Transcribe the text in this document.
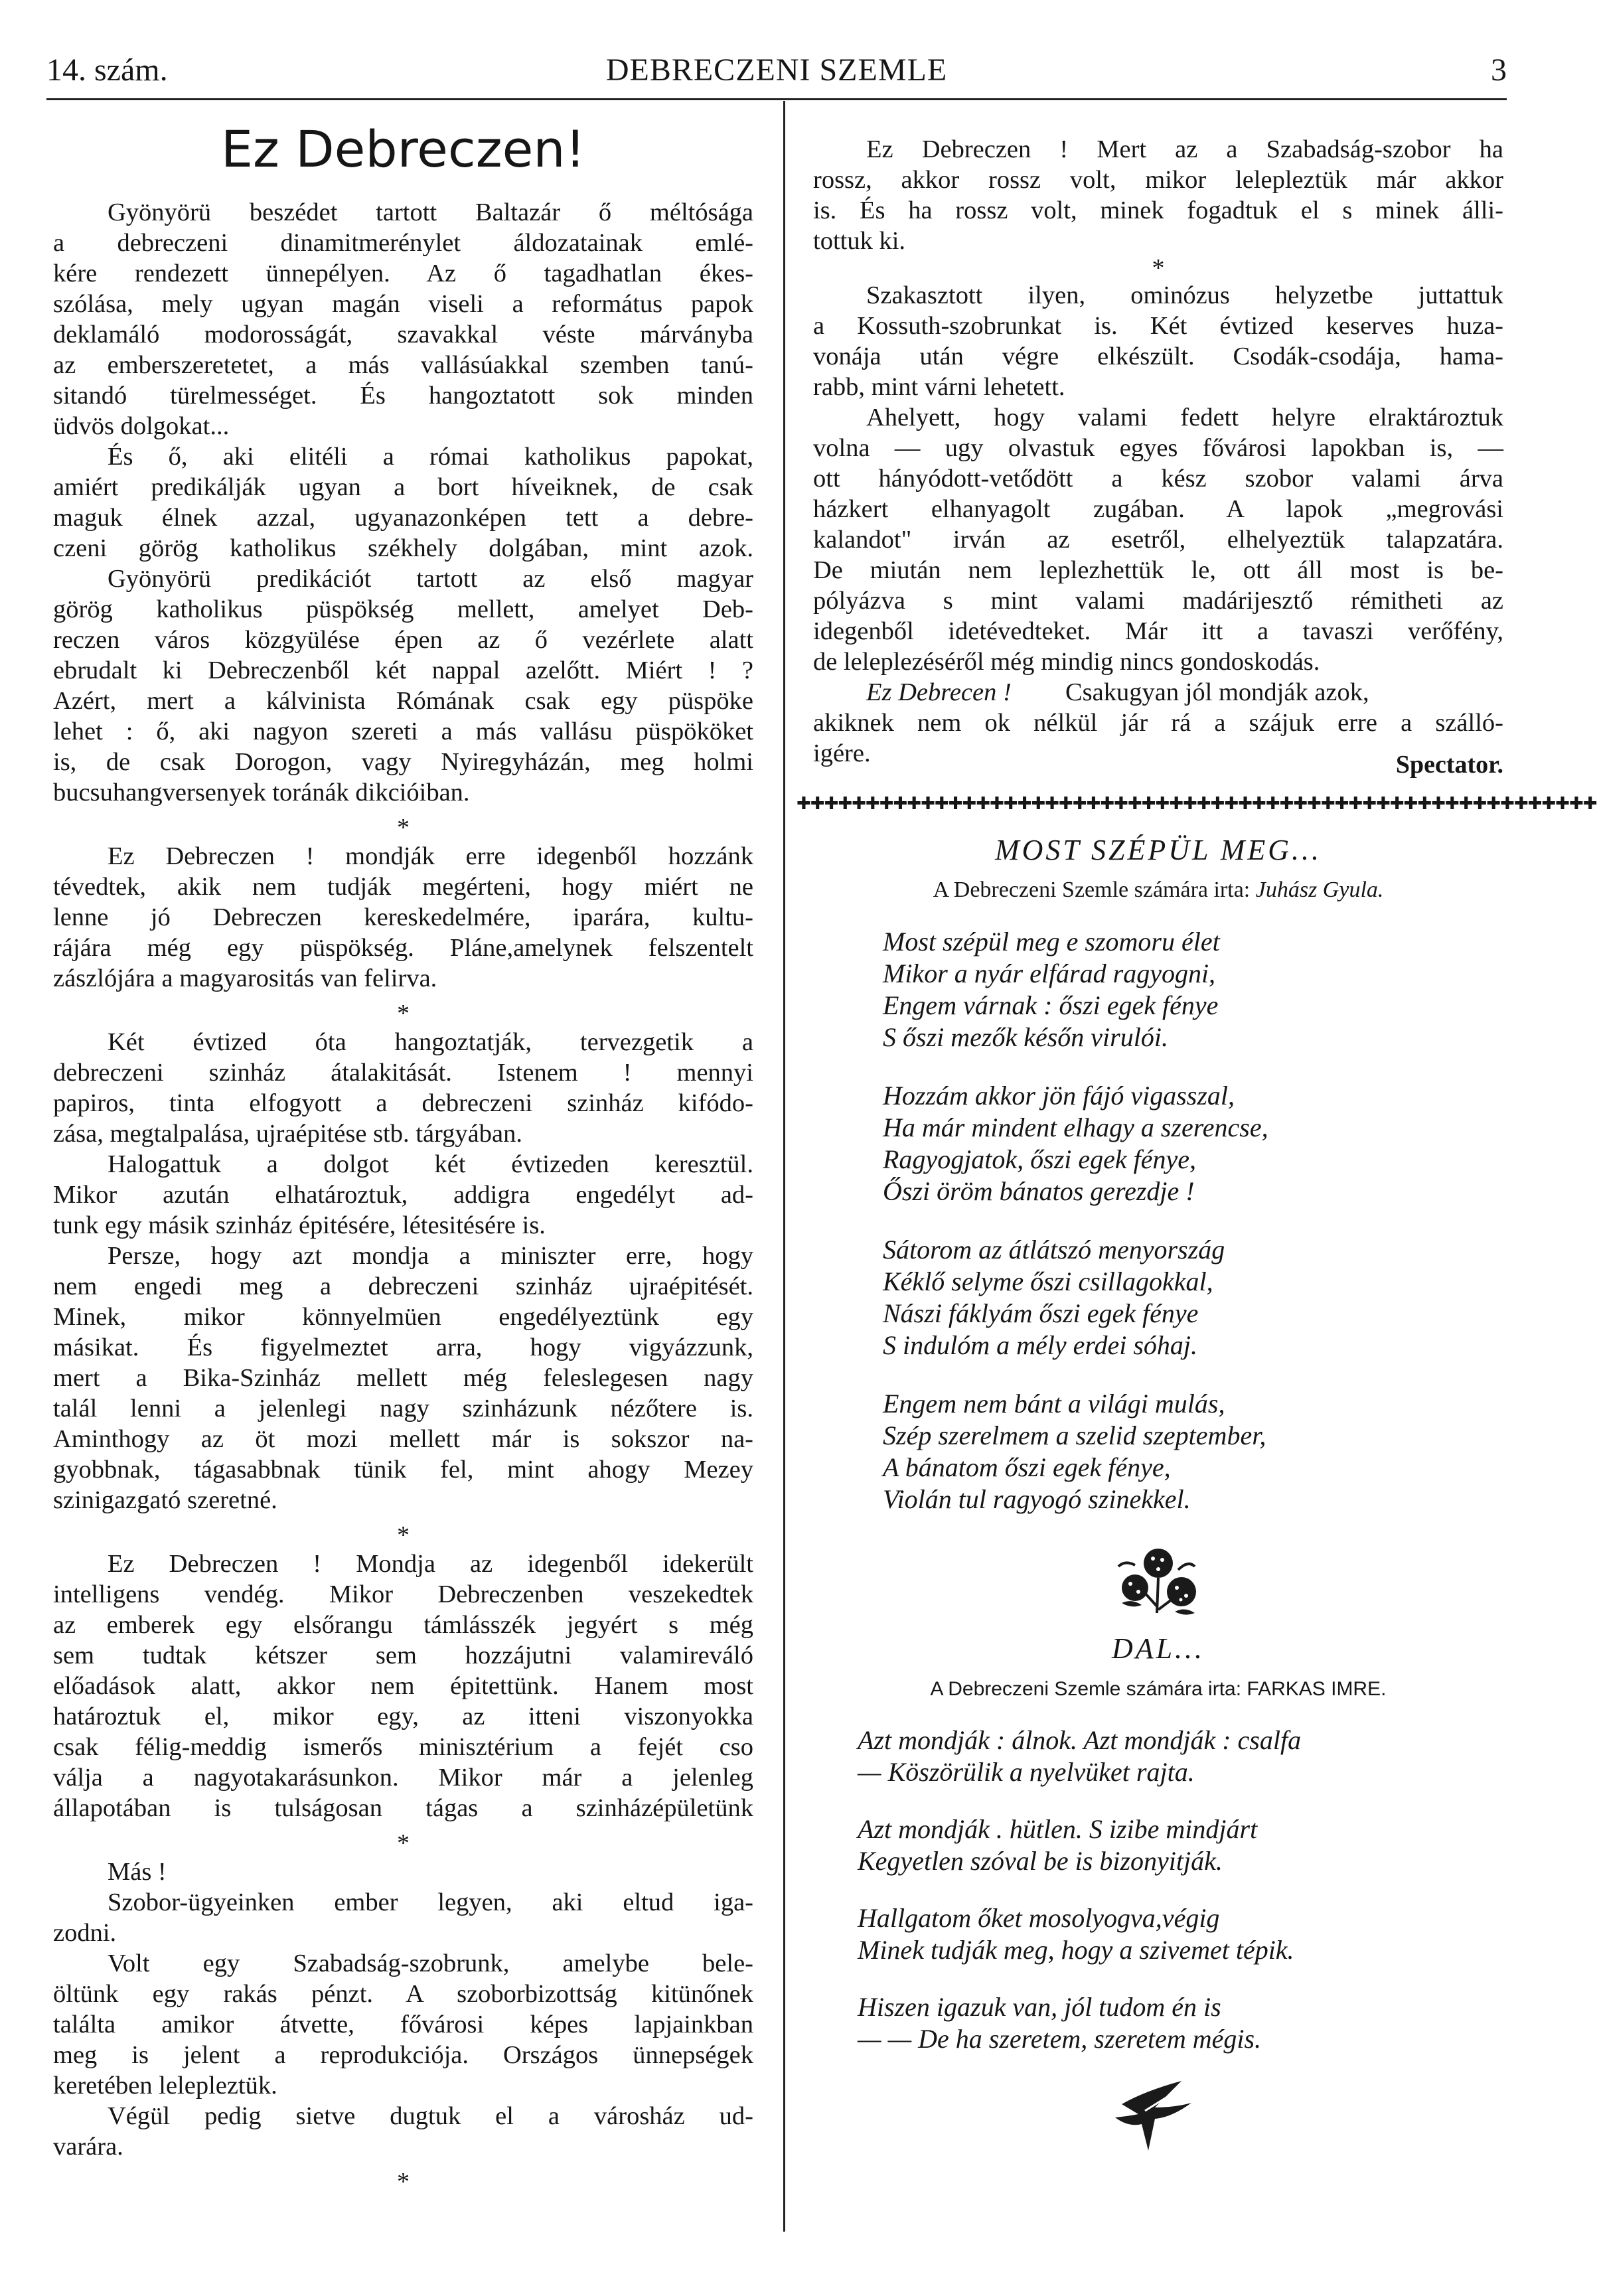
14. szám.	DEBRECZENI SZEMLE	3
Ez Debreczen!
Gyönyörü beszédet tartott Baltazár ő méltósága
a debreczeni dinamitmerénylet áldozatainak emlé-
kére rendezett ünnepélyen. Az ő tagadhatlan ékes-
szólása, mely ugyan magán viseli a református papok
deklamáló modorosságát, szavakkal véste márványba
az emberszeretetet, a más vallásúakkal szemben tanú-
sitandó türelmességet. És hangoztatott sok minden
üdvös dolgokat...
És ő, aki elitéli a római katholikus papokat,
amiért predikálják ugyan a bort híveiknek, de csak
maguk élnek azzal, ugyanazonképen tett a debre-
czeni görög katholikus székhely dolgában, mint azok.
Gyönyörü predikációt tartott az első magyar
görög katholikus püspökség mellett, amelyet Deb-
reczen város közgyülése épen az ő vezérlete alatt
ebrudalt ki Debreczenből két nappal azelőtt. Miért ! ?
Azért, mert a kálvinista Rómának csak egy püspöke
lehet : ő, aki nagyon szereti a más vallásu püspököket
is, de csak Dorogon, vagy Nyiregyházán, meg holmi
bucsuhangversenyek toránák dikcióiban.
*
Ez Debreczen ! mondják erre idegenből hozzánk
tévedtek, akik nem tudják megérteni, hogy miért ne
lenne jó Debreczen kereskedelmére, iparára, kultu-
rájára még egy püspökség. Pláne,amelynek felszentelt
zászlójára a magyarositás van felirva.
*
Két évtized óta hangoztatják, tervezgetik a
debreczeni szinház átalakitását. Istenem ! mennyi
papiros, tinta elfogyott a debreczeni szinház kifódo-
zása, megtalpalása, ujraépitése stb. tárgyában.
Halogattuk a dolgot két évtizeden keresztül.
Mikor azután elhatároztuk, addigra engedélyt ad-
tunk egy másik szinház épitésére, létesitésére is.
Persze, hogy azt mondja a miniszter erre, hogy
nem engedi meg a debreczeni szinház ujraépitését.
Minek, mikor könnyelmüen engedélyeztünk egy
másikat. És figyelmeztet arra, hogy vigyázzunk,
mert a Bika-Szinház mellett még feleslegesen nagy
talál lenni a jelenlegi nagy szinházunk nézőtere is.
Aminthogy az öt mozi mellett már is sokszor na-
gyobbnak, tágasabbnak tünik fel, mint ahogy Mezey
szinigazgató szeretné.
*
Ez Debreczen ! Mondja az idegenből idekerült
intelligens vendég. Mikor Debreczenben veszekedtek
az emberek egy elsőrangu támlásszék jegyért s még
sem tudtak kétszer sem hozzájutni valamireváló
előadások alatt, akkor nem épitettünk. Hanem most
határoztuk el, mikor egy, az itteni viszonyokka
csak félig-meddig ismerős minisztérium a fejét cso
válja a nagyotakarásunkon. Mikor már a jelenleg
állapotában is tulságosan tágas a szinházépületünk
*
Más !
Szobor-ügyeinken ember legyen, aki eltud iga-
zodni.
Volt egy Szabadság-szobrunk, amelybe bele-
öltünk egy rakás pénzt. A szoborbizottság kitünőnek
találta amikor átvette, fővárosi képes lapjainkban
meg is jelent a reprodukciója. Országos ünnepségek
keretében lelepleztük.
Végül pedig sietve dugtuk el a városház ud-
varára.
*
Ez Debreczen ! Mert az a Szabadság-szobor ha
rossz, akkor rossz volt, mikor lelepleztük már akkor
is. És ha rossz volt, minek fogadtuk el s minek álli-
tottuk ki.
*
Szakasztott ilyen, ominózus helyzetbe juttattuk
a Kossuth-szobrunkat is. Két évtized keserves huza-
vonája után végre elkészült. Csodák-csodája, hama-
rabb, mint várni lehetett.
Ahelyett, hogy valami fedett helyre elraktároztuk
volna — ugy olvastuk egyes fővárosi lapokban is, —
ott hányódott-vetődött a kész szobor valami árva
házkert elhanyagolt zugában. A lapok „megrovási
kalandot" irván az esetről, elhelyeztük talapzatára.
De miután nem leplezhettük le, ott áll most is be-
pólyázva s mint valami madárijesztő rémitheti az
idegenből idetévedteket. Már itt a tavaszi verőfény,
de leleplezéséről még mindig nincs gondoskodás.
Ez Debrecen ! Csakugyan jól mondják azok,
akiknek nem ok nélkül jár rá a szájuk erre a szálló-
igére.	Spectator.
✚✚✚✚✚✚✚✚✚✚✚✚✚✚✚✚✚✚✚✚✚✚✚✚✚✚✚✚✚✚✚✚✚✚✚✚✚✚✚✚✚✚✚✚✚✚✚✚✚✚✚✚✚✚✚✚✚✚
MOST SZÉPÜL MEG...
A Debreczeni Szemle számára irta: Juhász Gyula.
Most szépül meg e szomoru élet
Mikor a nyár elfárad ragyogni,
Engem várnak : őszi egek fénye
S őszi mezők későn virulói.
Hozzám akkor jön fájó vigasszal,
Ha már mindent elhagy a szerencse,
Ragyogjatok, őszi egek fénye,
Őszi öröm bánatos gerezdje !
Sátorom az átlátszó menyország
Kéklő selyme őszi csillagokkal,
Nászi fáklyám őszi egek fénye
S indulóm a mély erdei sóhaj.
Engem nem bánt a világi mulás,
Szép szerelmem a szelid szeptember,
A bánatom őszi egek fénye,
Violán tul ragyogó szinekkel.
DAL...
A Debreczeni Szemle számára irta: FARKAS IMRE.
Azt mondják : álnok. Azt mondják : csalfa
— Köszörülik a nyelvüket rajta.
Azt mondják . hütlen. S izibe mindjárt
Kegyetlen szóval be is bizonyitják.
Hallgatom őket mosolyogva,végig
Minek tudják meg, hogy a szivemet tépik.
Hiszen igazuk van, jól tudom én is
— — De ha szeretem, szeretem mégis.
